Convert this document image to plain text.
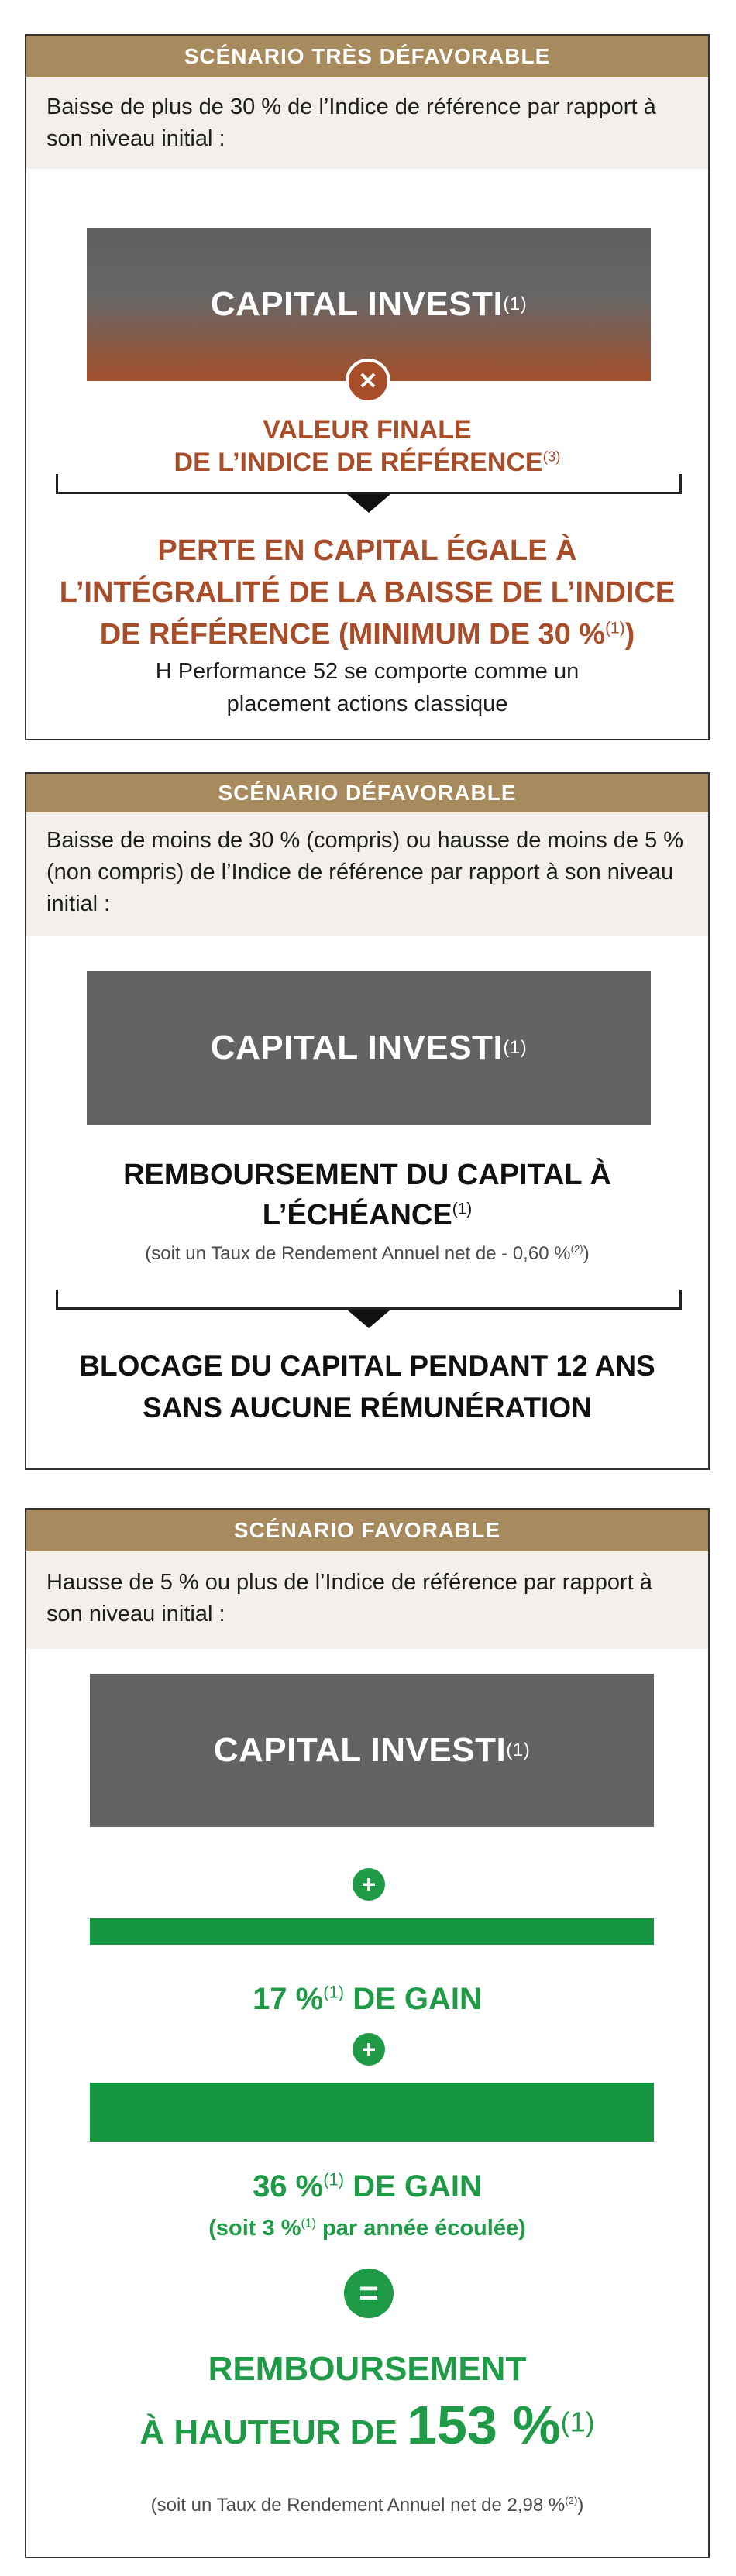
SCÉNARIO TRÈS DÉFAVORABLE
Baisse de plus de 30 % de l’Indice de référence par rapport à son niveau initial :
CAPITAL INVESTI (1)
✕
VALEUR FINALE
DE L’INDICE DE RÉFÉRENCE$^{(3)}$
PERTE EN CAPITAL ÉGALE À
L’INTÉGRALITÉ DE LA BAISSE DE L’INDICE
DE RÉFÉRENCE (MINIMUM DE 30 %$^{(1)}$)
H Performance 52 se comporte comme un
placement actions classique
SCÉNARIO DÉFAVORABLE
Baisse de moins de 30 % (compris) ou hausse de moins de 5 % (non compris) de l’Indice de référence par rapport à son niveau initial :
CAPITAL INVESTI (1)
REMBOURSEMENT DU CAPITAL À
L’ÉCHÉANCE$^{(1)}$
(soit un Taux de Rendement Annuel net de - 0,60 %$^{(2)}$)
BLOCAGE DU CAPITAL PENDANT 12 ANS
SANS AUCUNE RÉMUNÉRATION
SCÉNARIO FAVORABLE
Hausse de 5 % ou plus de l’Indice de référence par rapport à son niveau initial :
CAPITAL INVESTI (1)
+
17 %$^{(1)}$ DE GAIN
+
36 %$^{(1)}$ DE GAIN
(soit 3 %$^{(1)}$ par année écoulée)
=
REMBOURSEMENT
À HAUTEUR DE 153 %$^{(1)}$
(soit un Taux de Rendement Annuel net de 2,98 %$^{(2)}$)
